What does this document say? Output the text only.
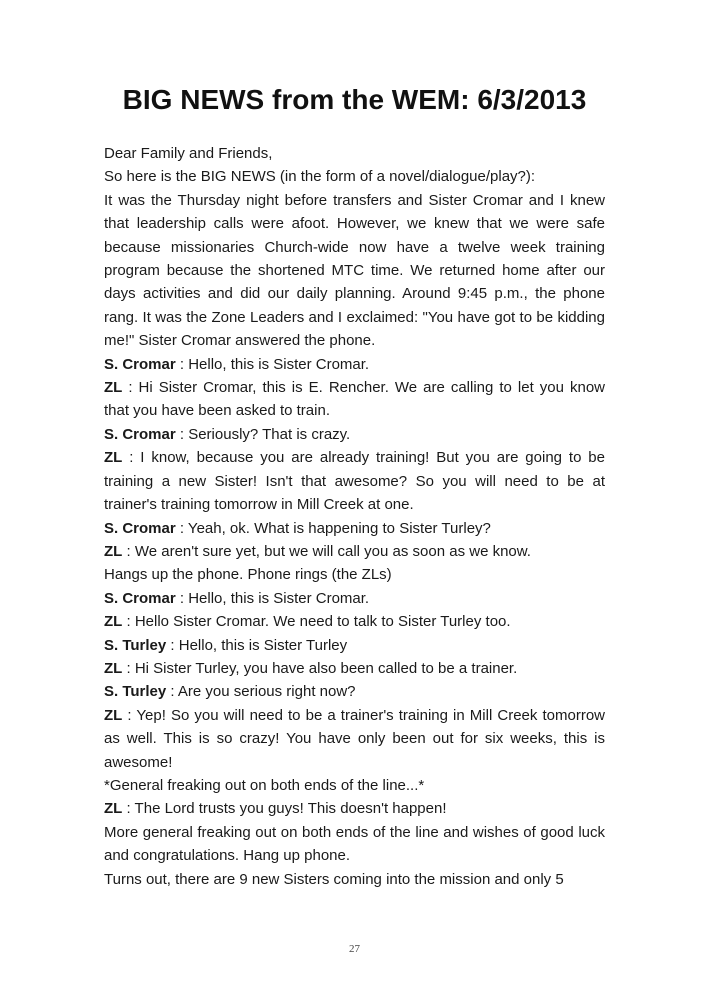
BIG NEWS from the WEM: 6/3/2013

Dear Family and Friends,

So here is the BIG NEWS (in the form of a novel/dialogue/play?):

It was the Thursday night before transfers and Sister Cromar and I knew that leadership calls were afoot. However, we knew that we were safe because missionaries Church-wide now have a twelve week training program because the shortened MTC time. We returned home after our days activities and did our daily planning. Around 9:45 p.m., the phone rang. It was the Zone Leaders and I exclaimed: "You have got to be kidding me!" Sister Cromar answered the phone.

S. Cromar : Hello, this is Sister Cromar.

ZL : Hi Sister Cromar, this is E. Rencher. We are calling to let you know that you have been asked to train.

S. Cromar : Seriously? That is crazy.

ZL : I know, because you are already training! But you are going to be training a new Sister! Isn't that awesome? So you will need to be at trainer's training tomorrow in Mill Creek at one.

S. Cromar : Yeah, ok. What is happening to Sister Turley?

ZL : We aren't sure yet, but we will call you as soon as we know.

Hangs up the phone. Phone rings (the ZLs)

S. Cromar : Hello, this is Sister Cromar.

ZL : Hello Sister Cromar. We need to talk to Sister Turley too.

S. Turley : Hello, this is Sister Turley

ZL : Hi Sister Turley, you have also been called to be a trainer.

S. Turley : Are you serious right now?

ZL : Yep! So you will need to be a trainer's training in Mill Creek tomorrow as well. This is so crazy! You have only been out for six weeks, this is awesome!

*General freaking out on both ends of the line...*

ZL : The Lord trusts you guys! This doesn't happen!

More general freaking out on both ends of the line and wishes of good luck and congratulations. Hang up phone.

Turns out, there are 9 new Sisters coming into the mission and only 5

27
